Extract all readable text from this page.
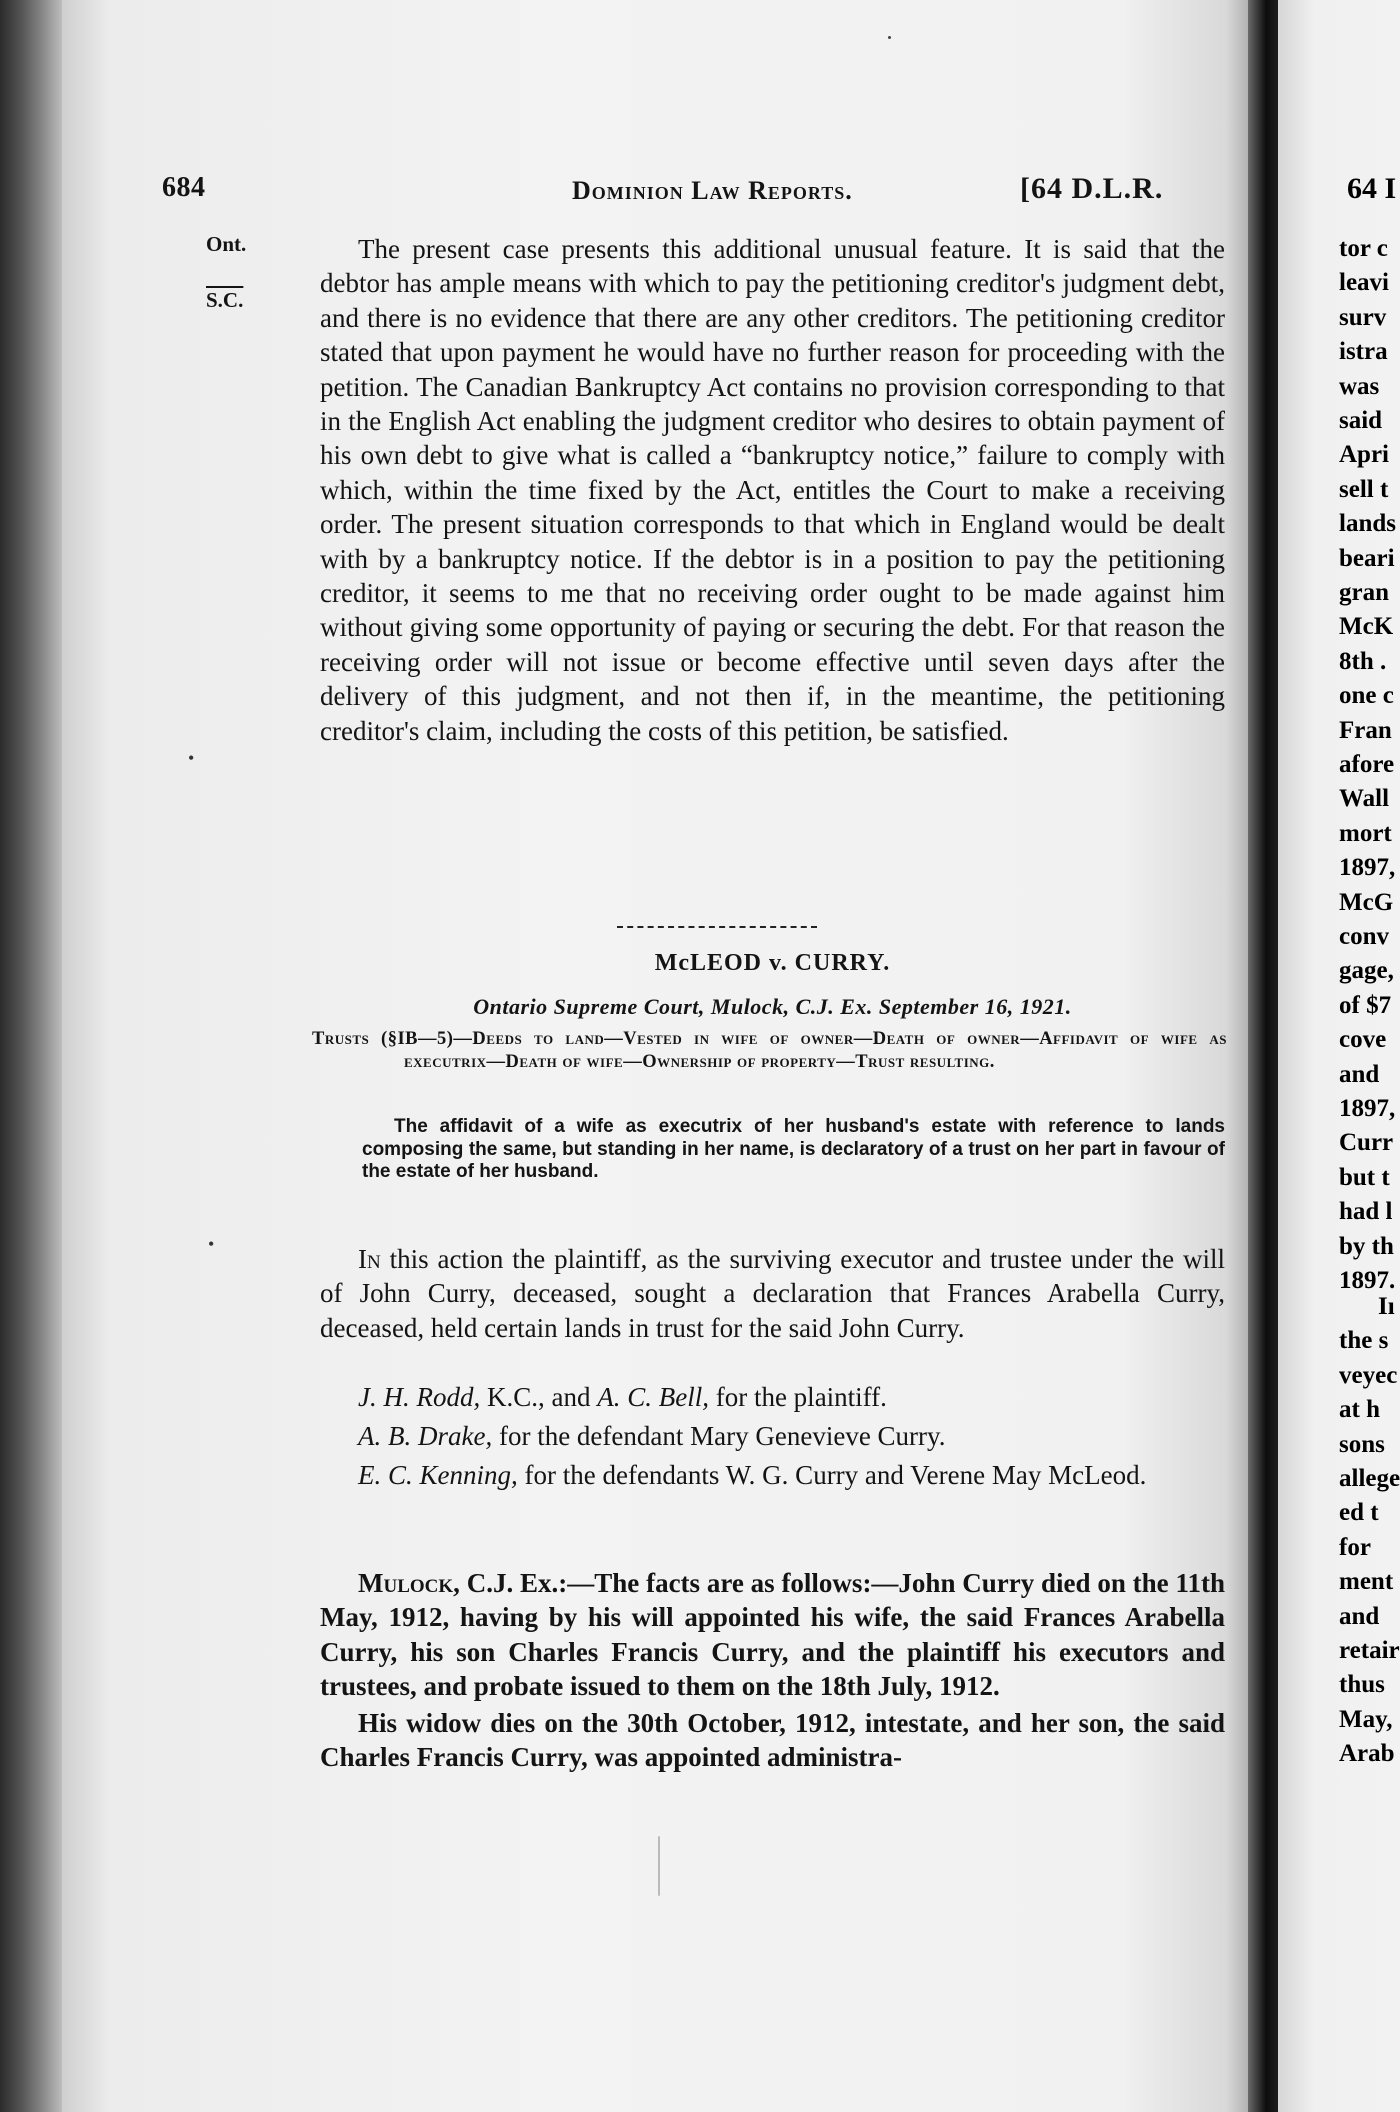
684	Dominion Law Reports.	[64 D.L.R.
Ont.
S.C.
•
•
The present case presents this additional unusual feature. It is said that the debtor has ample means with which to pay the petitioning creditor's judgment debt, and there is no evidence that there are any other creditors. The petitioning creditor stated that upon payment he would have no further reason for proceeding with the petition. The Canadian Bankruptcy Act contains no provision corresponding to that in the English Act enabling the judgment creditor who desires to obtain payment of his own debt to give what is called a “bankruptcy notice,” failure to comply with which, within the time fixed by the Act, entitles the Court to make a receiving order. The present situation corresponds to that which in England would be dealt with by a bankruptcy notice. If the debtor is in a position to pay the petitioning creditor, it seems to me that no receiving order ought to be made against him without giving some opportunity of paying or securing the debt. For that reason the receiving order will not issue or become effective until seven days after the delivery of this judgment, and not then if, in the meantime, the petitioning creditor's claim, including the costs of this petition, be satisfied.
McLEOD v. CURRY.
Ontario Supreme Court, Mulock, C.J. Ex. September 16, 1921.
Trusts (§IB—5)—Deeds to land—Vested in wife of owner—Death of owner—Affidavit of wife as executrix—Death of wife—Ownership of property—Trust resulting.
The affidavit of a wife as executrix of her husband's estate with reference to lands composing the same, but standing in her name, is declaratory of a trust on her part in favour of the estate of her husband.
In this action the plaintiff, as the surviving executor and trustee under the will of John Curry, deceased, sought a declaration that Frances Arabella Curry, deceased, held certain lands in trust for the said John Curry.
J. H. Rodd, K.C., and A. C. Bell, for the plaintiff.
A. B. Drake, for the defendant Mary Genevieve Curry.
E. C. Kenning, for the defendants W. G. Curry and Verene May McLeod.
Mulock, C.J. Ex.:—The facts are as follows:—John Curry died on the 11th May, 1912, having by his will appointed his wife, the said Frances Arabella Curry, his son Charles Francis Curry, and the plaintiff his executors and trustees, and probate issued to them on the 18th July, 1912.
His widow dies on the 30th October, 1912, intestate, and her son, the said Charles Francis Curry, was appointed administra-
64 I
tor c
leavi
surv
istra
was
said
Apri
sell t
lands
beari
gran
McK
8th .
one c
Fran
afore
Wall
mort
1897,
McG
conv
gage,
of $7
cove
and
1897,
Curr
but t
had l
by th
1897.
Iı
the s
veyec
at h
sons
allege
ed t
for
ment
and
retair
thus
May,
Arab
